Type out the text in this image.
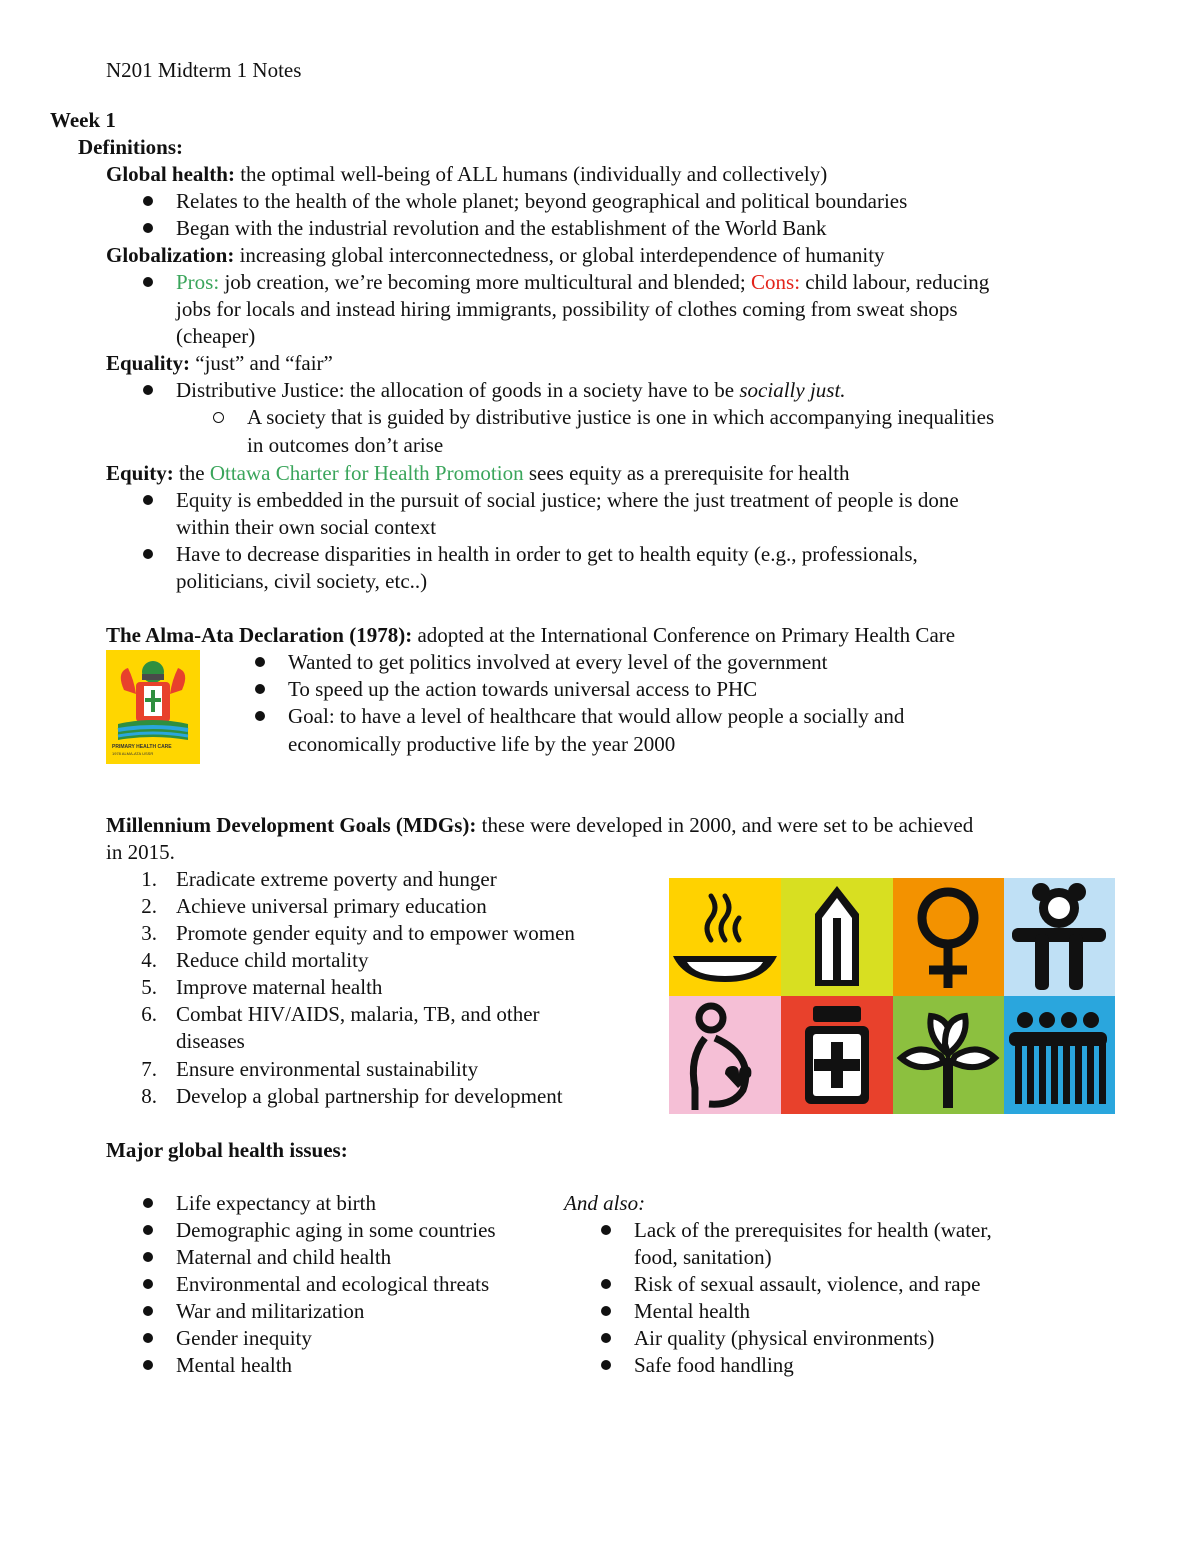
N201 Midterm 1 Notes
Week 1
Definitions:
Global health: the optimal well-being of ALL humans (individually and collectively)
Relates to the health of the whole planet; beyond geographical and political boundaries
Began with the industrial revolution and the establishment of the World Bank
Globalization: increasing global interconnectedness, or global interdependence of humanity
Pros: job creation, we’re becoming more multicultural and blended; Cons: child labour, reducing
jobs for locals and instead hiring immigrants, possibility of clothes coming from sweat shops
(cheaper)
Equality: “just” and “fair”
Distributive Justice: the allocation of goods in a society have to be socially just.
A society that is guided by distributive justice is one in which accompanying inequalities
in outcomes don’t arise
Equity: the Ottawa Charter for Health Promotion sees equity as a prerequisite for health
Equity is embedded in the pursuit of social justice; where the just treatment of people is done
within their own social context
Have to decrease disparities in health in order to get to health equity (e.g., professionals,
politicians, civil society, etc..)
The Alma-Ata Declaration (1978): adopted at the International Conference on Primary Health Care
PRIMARY HEALTH CARE
1978 ALMA-ATA USSR
Wanted to get politics involved at every level of the government
To speed up the action towards universal access to PHC
Goal: to have a level of healthcare that would allow people a socially and
economically productive life by the year 2000
Millennium Development Goals (MDGs): these were developed in 2000, and were set to be achieved
in 2015.
1. Eradicate extreme poverty and hunger
2. Achieve universal primary education
3. Promote gender equity and to empower women
4. Reduce child mortality
5. Improve maternal health
6. Combat HIV/AIDS, malaria, TB, and other
diseases
7. Ensure environmental sustainability
8. Develop a global partnership for development
Major global health issues:
Life expectancy at birth
Demographic aging in some countries
Maternal and child health
Environmental and ecological threats
War and militarization
Gender inequity
Mental health
And also:
Lack of the prerequisites for health (water,
food, sanitation)
Risk of sexual assault, violence, and rape
Mental health
Air quality (physical environments)
Safe food handling
